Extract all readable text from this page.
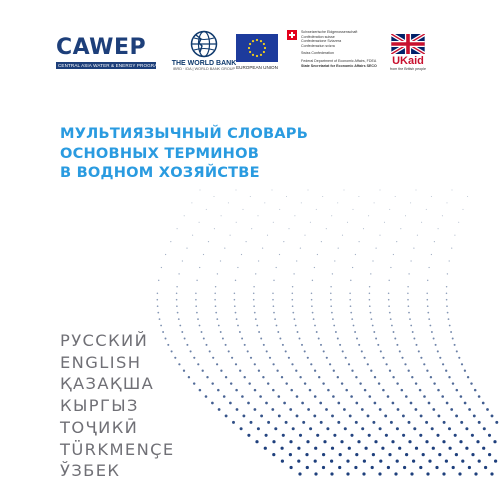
CAWEP
CENTRAL ASIA WATER & ENERGY PROGRAM	THE WORLD BANK
IBRD · IDA | WORLD BANK GROUP EUROPEAN UNION
Schweizerische Eidgenossenschaft
Confédération suisse
Confederazione Svizzera
Confederaziun svizra
Swiss Confederation
Federal Department of Economic Affairs, FDEA
State Secretariat for Economic Affairs SECO	UKaid
from the British people
МУЛЬТИЯЗЫЧНЫЙ СЛОВАРЬ
ОСНОВНЫХ ТЕРМИНОВ
В ВОДНОМ ХОЗЯЙСТВЕ
РУССКИЙ
ENGLISH
ҚАЗАҚША
КЫРГЫЗ
ТОҶИКӢ
TÜRKMENÇE
ЎЗБЕК
